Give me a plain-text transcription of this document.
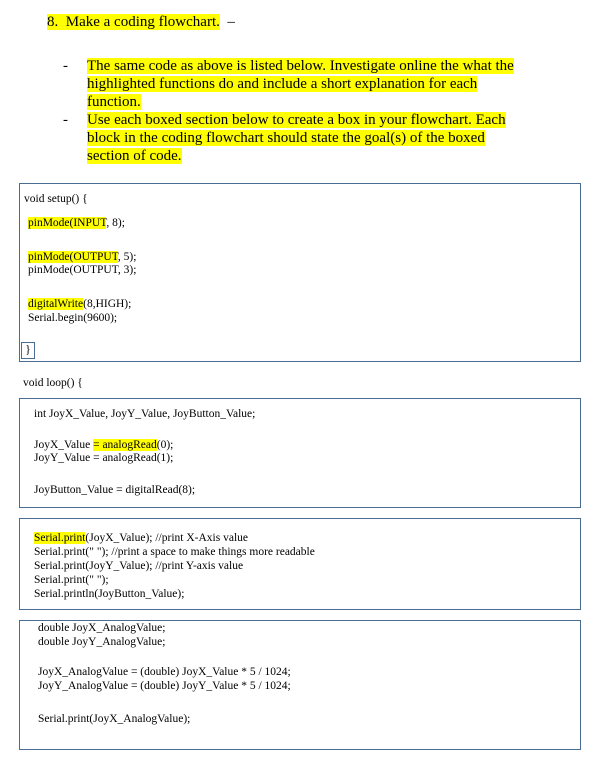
8. Make a coding flowchart. –
- The same code as above is listed below. Investigate online the what the
highlighted functions do and include a short explanation for each
function.
- Use each boxed section below to create a box in your flowchart. Each
block in the coding flowchart should state the goal(s) of the boxed
section of code.
void setup() {
pinMode(INPUT, 8);
pinMode(OUTPUT, 5);
pinMode(OUTPUT, 3);
digitalWrite(8,HIGH);
Serial.begin(9600);
}
void loop() {
int JoyX_Value, JoyY_Value, JoyButton_Value;
JoyX_Value = analogRead(0);
JoyY_Value = analogRead(1);
JoyButton_Value = digitalRead(8);
Serial.print(JoyX_Value); //print X-Axis value
Serial.print(" "); //print a space to make things more readable
Serial.print(JoyY_Value); //print Y-axis value
Serial.print(" ");
Serial.println(JoyButton_Value);
double JoyX_AnalogValue;
double JoyY_AnalogValue;
JoyX_AnalogValue = (double) JoyX_Value * 5 / 1024;
JoyY_AnalogValue = (double) JoyY_Value * 5 / 1024;
Serial.print(JoyX_AnalogValue);
